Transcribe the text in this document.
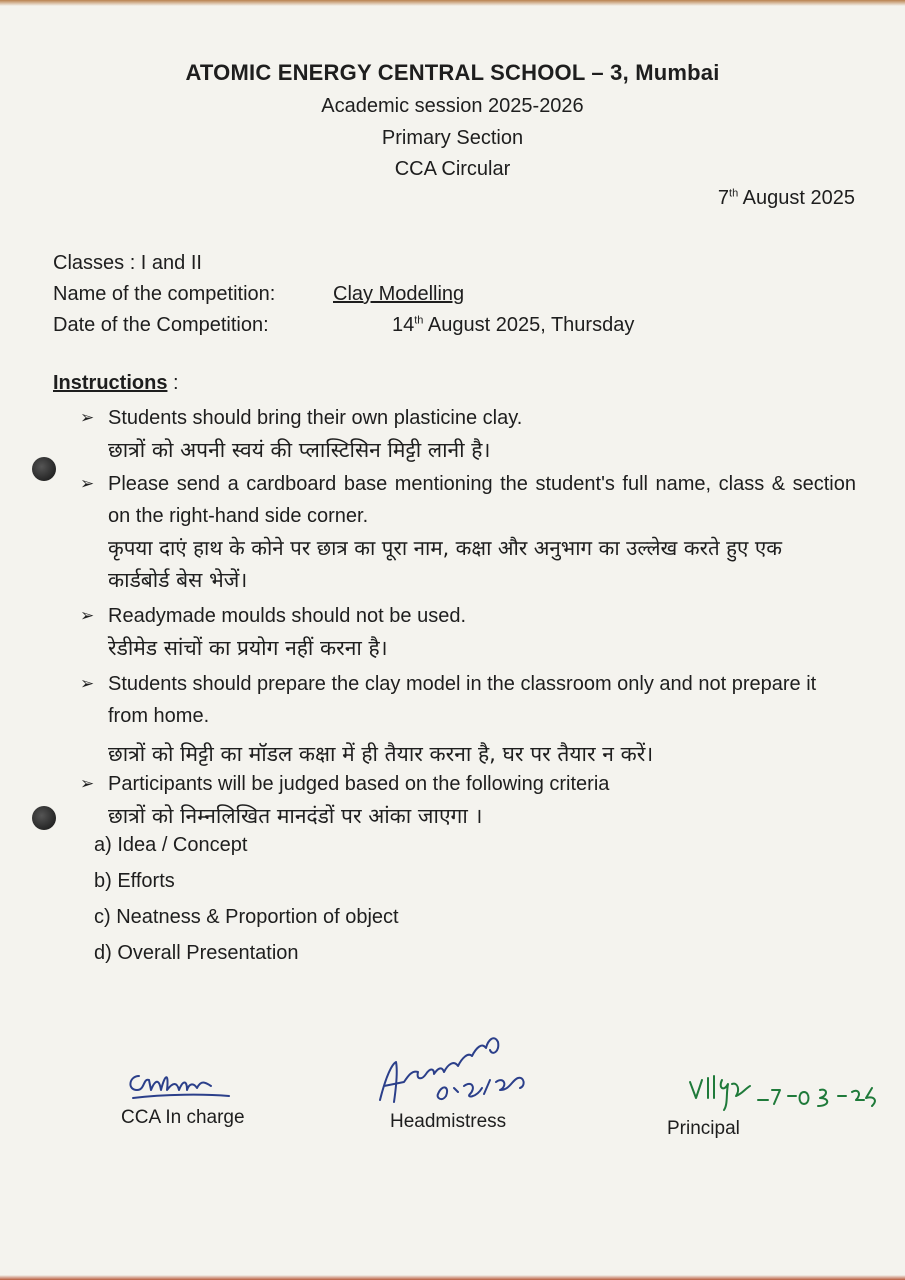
ATOMIC ENERGY CENTRAL SCHOOL – 3, Mumbai
Academic session 2025-2026
Primary Section
CCA Circular
7th August 2025
Classes : I and II
Name of the competition:	Clay Modelling
Date of the Competition:	14th August 2025, Thursday
Instructions :
➢ Students should bring their own plasticine clay.
छात्रों को अपनी स्वयं की प्लास्टिसिन मिट्टी लानी है।
➢ Please send a cardboard base mentioning the student's full name, class & section on the right-hand side corner.
कृपया दाएं हाथ के कोने पर छात्र का पूरा नाम, कक्षा और अनुभाग का उल्लेख करते हुए एक
कार्डबोर्ड बेस भेजें।
➢ Readymade moulds should not be used.
रेडीमेड सांचों का प्रयोग नहीं करना है।
➢ Students should prepare the clay model in the classroom only and not prepare it from home.
छात्रों को मिट्टी का मॉडल कक्षा में ही तैयार करना है, घर पर तैयार न करें।
➢ Participants will be judged based on the following criteria
छात्रों को निम्नलिखित मानदंडों पर आंका जाएगा ।
a) Idea / Concept
b) Efforts
c) Neatness & Proportion of object
d) Overall Presentation
CCA In charge	Headmistress	Principal
